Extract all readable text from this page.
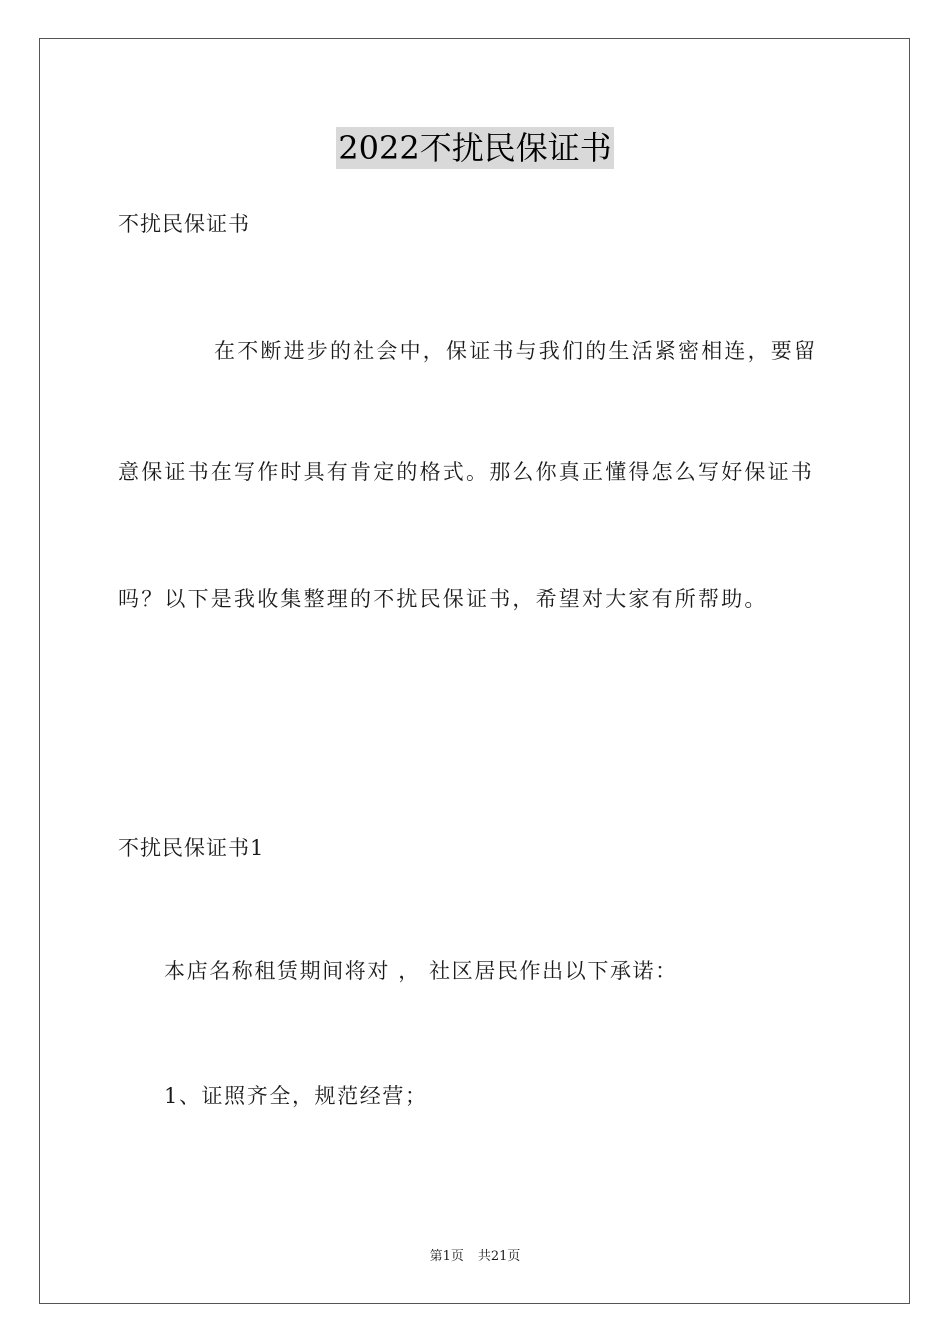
2022不扰民保证书
不扰民保证书
在不断进步的社会中，保证书与我们的生活紧密相连，要留
意保证书在写作时具有肯定的格式。那么你真正懂得怎么写好保证书
吗？以下是我收集整理的不扰民保证书，希望对大家有所帮助。
不扰民保证书1
本店名称租赁期间将对 ， 社区居民作出以下承诺：
1、证照齐全，规范经营；
第1页 共21页
